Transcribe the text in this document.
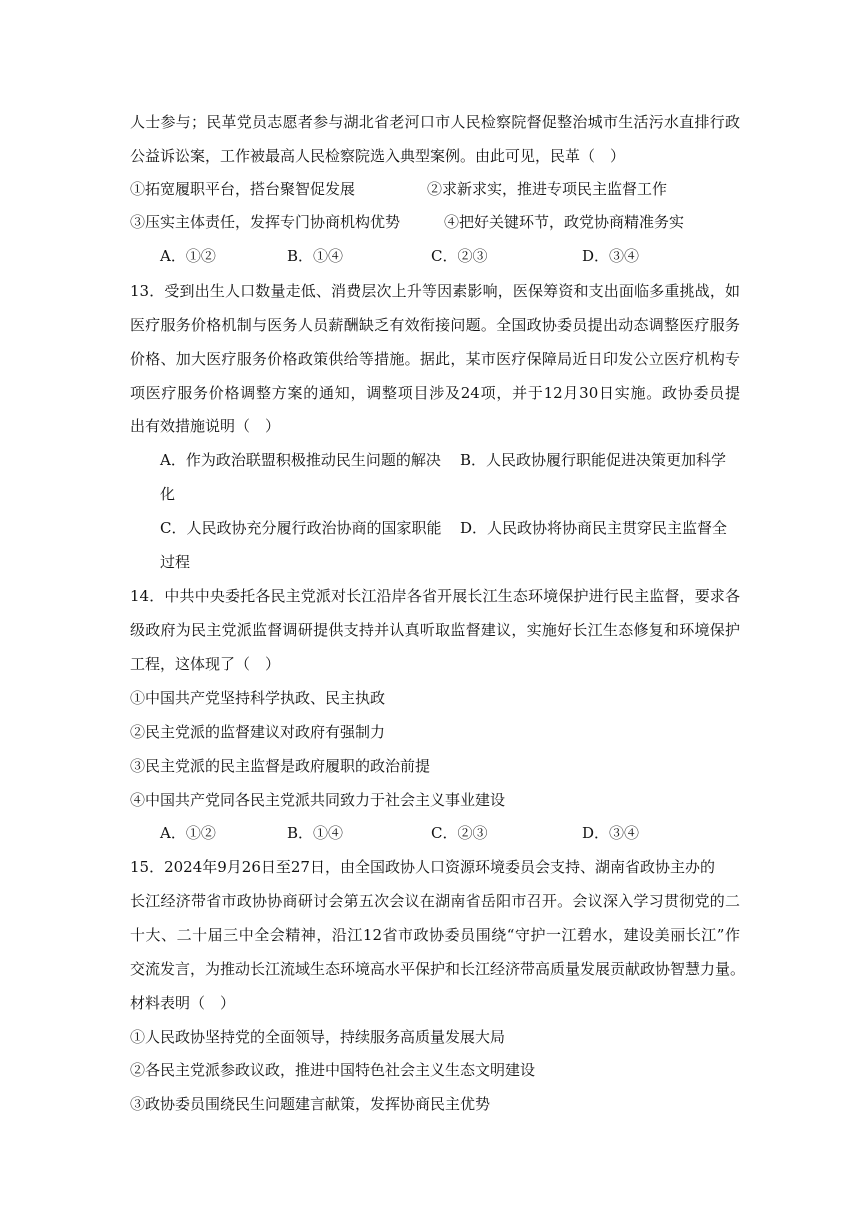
人士参与；民革党员志愿者参与湖北省老河口市人民检察院督促整治城市生活污水直排行政
公益诉讼案，工作被最高人民检察院选入典型案例。由此可见，民革（　）
①拓宽履职平台，搭台聚智促发展	②求新求实，推进专项民主监督工作
③压实主体责任，发挥专门协商机构优势	④把好关键环节，政党协商精准务实
A．①②	B．①④	C．②③	D．③④
13．受到出生人口数量走低、消费层次上升等因素影响，医保筹资和支出面临多重挑战，如
医疗服务价格机制与医务人员薪酬缺乏有效衔接问题。全国政协委员提出动态调整医疗服务
价格、加大医疗服务价格政策供给等措施。据此，某市医疗保障局近日印发公立医疗机构专
项医疗服务价格调整方案的通知，调整项目涉及24项，并于12月30日实施。政协委员提
出有效措施说明（　）
A．作为政治联盟积极推动民生问题的解决 B．人民政协履行职能促进决策更加科学
化
C．人民政协充分履行政治协商的国家职能 D．人民政协将协商民主贯穿民主监督全
过程
14．中共中央委托各民主党派对长江沿岸各省开展长江生态环境保护进行民主监督，要求各
级政府为民主党派监督调研提供支持并认真听取监督建议，实施好长江生态修复和环境保护
工程，这体现了（　）
①中国共产党坚持科学执政、民主执政
②民主党派的监督建议对政府有强制力
③民主党派的民主监督是政府履职的政治前提
④中国共产党同各民主党派共同致力于社会主义事业建设
A．①②	B．①④	C．②③	D．③④
15．2024年9月26日至27日，由全国政协人口资源环境委员会支持、湖南省政协主办的
长江经济带省市政协协商研讨会第五次会议在湖南省岳阳市召开。会议深入学习贯彻党的二
十大、二十届三中全会精神，沿江12省市政协委员围绕“守护一江碧水，建设美丽长江”作
交流发言，为推动长江流域生态环境高水平保护和长江经济带高质量发展贡献政协智慧力量。
材料表明（　）
①人民政协坚持党的全面领导，持续服务高质量发展大局
②各民主党派参政议政，推进中国特色社会主义生态文明建设
③政协委员围绕民生问题建言献策，发挥协商民主优势
